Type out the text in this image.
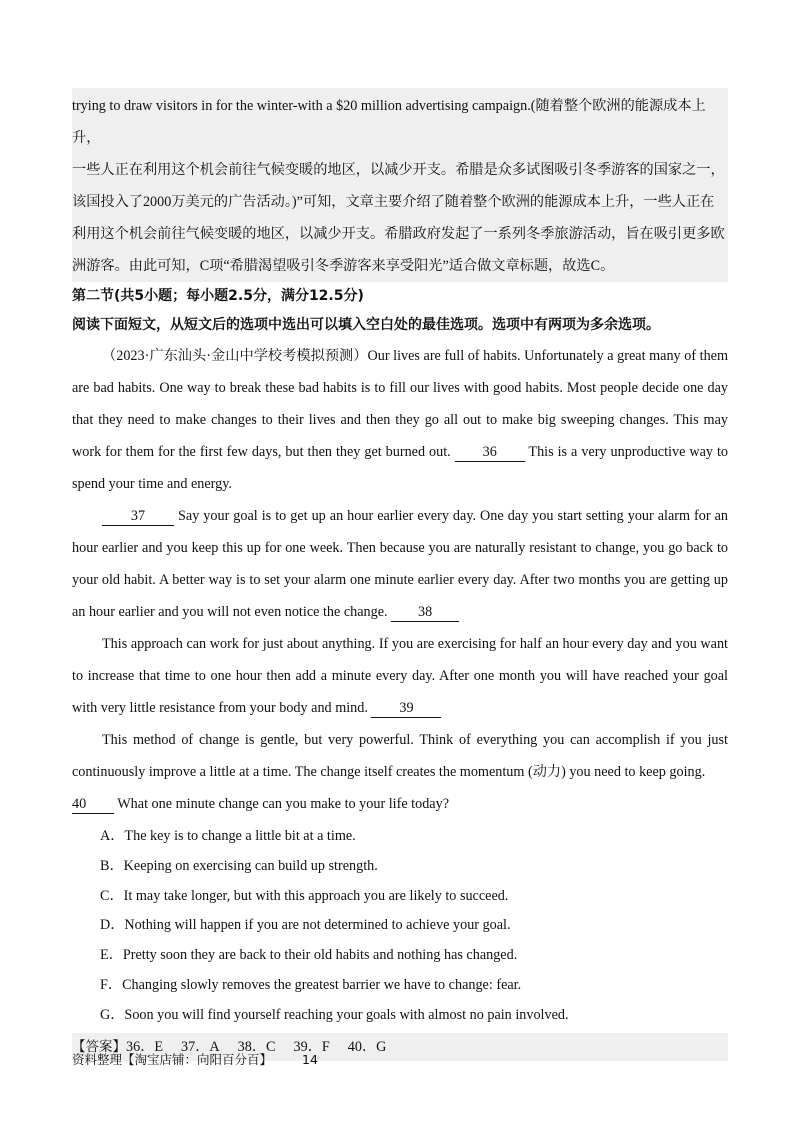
trying to draw visitors in for the winter-with a $20 million advertising campaign.(随着整个欧洲的能源成本上升，
一些人正在利用这个机会前往气候变暖的地区，以减少开支。希腊是众多试图吸引冬季游客的国家之一，
该国投入了2000万美元的广告活动。)”可知，文章主要介绍了随着整个欧洲的能源成本上升，一些人正在
利用这个机会前往气候变暖的地区，以减少开支。希腊政府发起了一系列冬季旅游活动，旨在吸引更多欧
洲游客。由此可知，C项“希腊渴望吸引冬季游客来享受阳光”适合做文章标题，故选C。
第二节(共5小题；每小题2.5分，满分12.5分)
阅读下面短文，从短文后的选项中选出可以填入空白处的最佳选项。选项中有两项为多余选项。

（2023·广东汕头·金山中学校考模拟预测）Our lives are full of habits. Unfortunately a great many of them are bad habits. One way to break these bad habits is to fill our lives with good habits. Most people decide one day that they need to make changes to their lives and then they go all out to make big sweeping changes. This may work for them for the first few days, but then they get burned out. 36 This is a very unproductive way to spend your time and energy.

37 Say your goal is to get up an hour earlier every day. One day you start setting your alarm for an hour earlier and you keep this up for one week. Then because you are naturally resistant to change, you go back to your old habit. A better way is to set your alarm one minute earlier every day. After two months you are getting up an hour earlier and you will not even notice the change. 38

This approach can work for just about anything. If you are exercising for half an hour every day and you want to increase that time to one hour then add a minute every day. After one month you will have reached your goal with very little resistance from your body and mind. 39

This method of change is gentle, but very powerful. Think of everything you can accomplish if you just continuously improve a little at a time. The change itself creates the momentum (动力) you need to keep going.

40 What one minute change can you make to your life today?

A．The key is to change a little bit at a time.
B．Keeping on exercising can build up strength.
C．It may take longer, but with this approach you are likely to succeed.
D．Nothing will happen if you are not determined to achieve your goal.
E．Pretty soon they are back to their old habits and nothing has changed.
F．Changing slowly removes the greatest barrier we have to change: fear.
G．Soon you will find yourself reaching your goals with almost no pain involved.
【答案】36．E 37．A 38．C 39．F 40．G
资料整理【淘宝店铺：向阳百分百】 14
